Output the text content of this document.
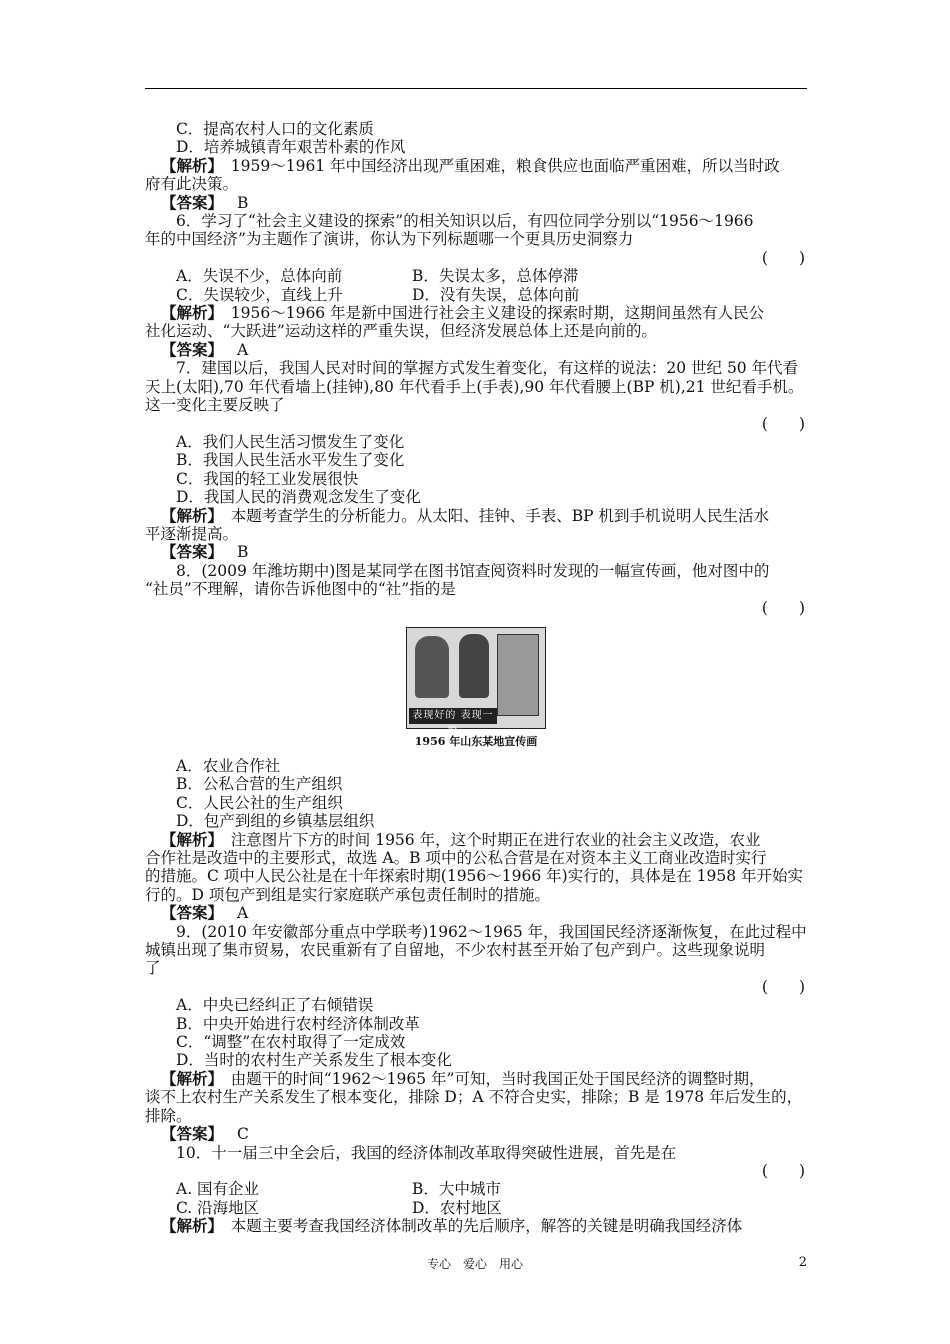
C．提高农村人口的文化素质
D．培养城镇青年艰苦朴素的作风
【解析】　 1959～1961 年中国经济出现严重困难，粮食供应也面临严重困难，所以当时政
府有此决策。
【答案】 B
6．学习了“社会主义建设的探索”的相关知识以后，有四位同学分别以“1956～1966
年的中国经济”为主题作了演讲，你认为下列标题哪一个更具历史洞察力
(　　)
A．失误不少，总体向前	B．失误太多，总体停滞
C．失误较少，直线上升	D．没有失误，总体向前
【解析】　 1956～1966 年是新中国进行社会主义建设的探索时期，这期间虽然有人民公
社化运动、“大跃进”运动这样的严重失误，但经济发展总体上还是向前的。
【答案】 A
7．建国以后，我国人民对时间的掌握方式发生着变化，有这样的说法：20 世纪 50 年代看
天上(太阳),70 年代看墙上(挂钟),80 年代看手上(手表),90 年代看腰上(BP 机),21 世纪看手机。
这一变化主要反映了
(　　)
A．我们人民生活习惯发生了变化
B．我国人民生活水平发生了变化
C．我国的轻工业发展很快
D．我国人民的消费观念发生了变化
【解析】　 本题考查学生的分析能力。从太阳、挂钟、手表、BP 机到手机说明人民生活水
平逐渐提高。
【答案】 B
8．(2009 年潍坊期中)图是某同学在图书馆查阅资料时发现的一幅宣传画，他对图中的
“社员”不理解，请你告诉他图中的“社”指的是
(　　)
表现好的 表现一般
1956 年山东某地宣传画
A．农业合作社
B．公私合营的生产组织
C．人民公社的生产组织
D．包产到组的乡镇基层组织
【解析】　 注意图片下方的时间 1956 年，这个时期正在进行农业的社会主义改造，农业
合作社是改造中的主要形式，故选 A。B 项中的公私合营是在对资本主义工商业改造时实行
的措施。C 项中人民公社是在十年探索时期(1956～1966 年)实行的，具体是在 1958 年开始实
行的。D 项包产到组是实行家庭联产承包责任制时的措施。
【答案】 A
9．(2010 年安徽部分重点中学联考)1962～1965 年，我国国民经济逐渐恢复，在此过程中
城镇出现了集市贸易，农民重新有了自留地，不少农村甚至开始了包产到户。这些现象说明
了
(　　)
A．中央已经纠正了右倾错误
B．中央开始进行农村经济体制改革
C．“调整”在农村取得了一定成效
D．当时的农村生产关系发生了根本变化
【解析】　 由题干的时间“1962～1965 年”可知，当时我国正处于国民经济的调整时期，
谈不上农村生产关系发生了根本变化，排除 D；A 不符合史实，排除；B 是 1978 年后发生的，
排除。
【答案】 C
10．十一届三中全会后，我国的经济体制改革取得突破性进展，首先是在
(　　)
A. 国有企业	B．大中城市
C. 沿海地区	D．农村地区
【解析】　 本题主要考查我国经济体制改革的先后顺序，解答的关键是明确我国经济体
专心　爱心　用心	2
